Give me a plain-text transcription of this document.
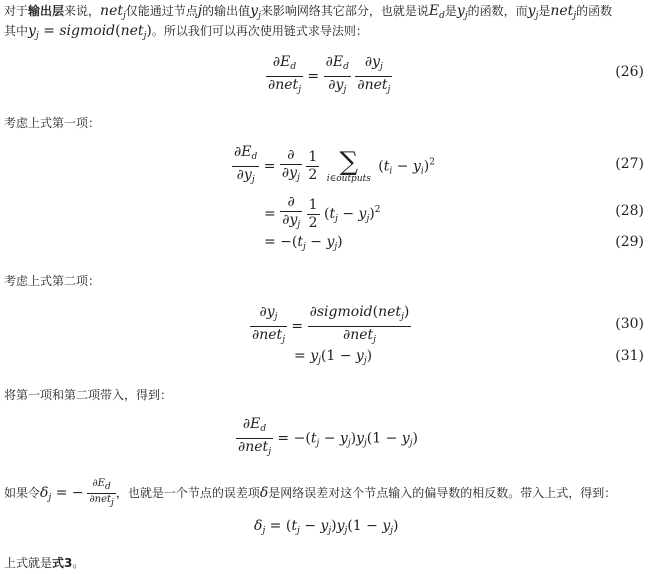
对于输出层来说，net$_j$仅能通过节点j的输出值$y_j$来影响网络其它部分，也就是说$E_d$是$y_j$的函数，而$y_j$是net$_j$的函数
其中$y_j$ = sigmoid(net$_j$)。所以我们可以再次使用链式求导法则：
$\frac{\partial E_d}{\partial net_j} = \frac{\partial E_d}{\partial y_j}$
$\frac{\partial y_j}{\partial net_j}$	(26)
考虑上式第一项：
$\frac{\partial E_d}{\partial y_j} = \frac{\partial}{\partial y_j}$
$\frac{1}{2}$
∑
i∈outputs
$(t_i - y_i)^2$	(27)
= $\frac{\partial}{\partial y_j}$
$\frac{1}{2} (t_j - y_j)^2$	(28)
= $-(t_j - y_j)$	(29)
考虑上式第二项：
$\frac{\partial y_j}{\partial net_j} = \frac{\partial sigmoid(net_j)}{\partial net_j}$	(30)
= $y_j(1 - y_j)$	(31)
将第一项和第二项带入，得到：
$\frac{\partial E_d}{\partial net_j} = -(t_j - y_j)y_j(1 - y_j)$
如果令$\delta_j$ = − $\frac{\partial Ed}{\text{∂netj}}$ ，也就是一个节点的误差项δ是网络误差对这个节点输入的偏导数的相反数。带入上式，得到：
$\delta_j = (t_j - y_j)y_j(1 - y_j)$
上式就是式3。
